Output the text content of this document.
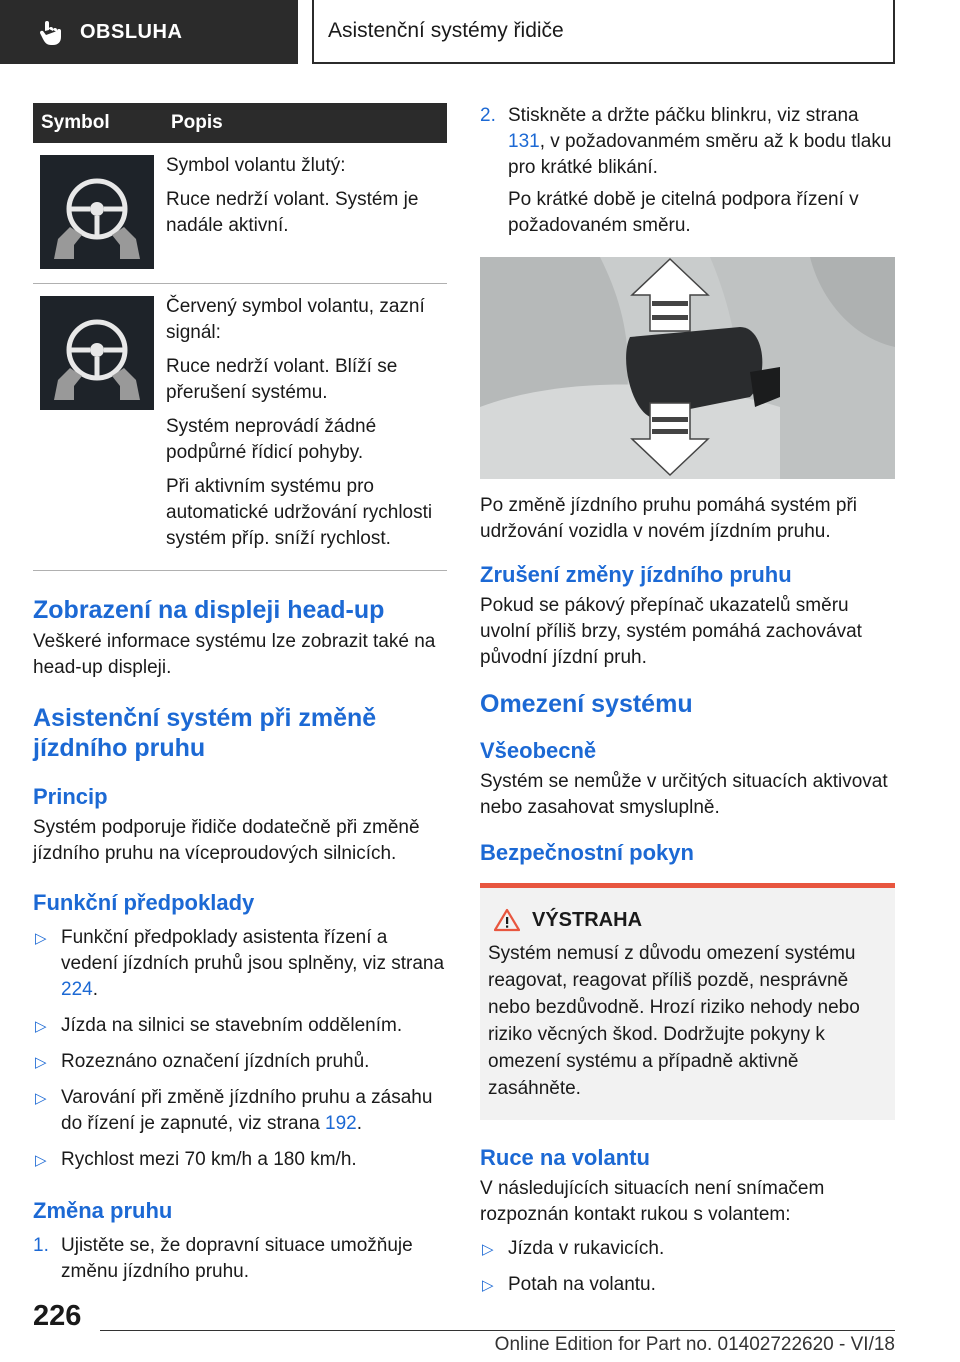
OBSLUHA	Asistenční systémy řidiče
Symbol	Popis

Symbol volantu žlutý:

Ruce nedrží volant. Systém je nadále aktivní.

Červený symbol volantu, zazní signál:

Ruce nedrží volant. Blíží se přerušení systému.

Systém neprovádí žádné podpůrné řídicí pohyby.

Při aktivním systému pro automatické udržování rychlosti systém příp. sníží rychlost.

Zobrazení na displeji head-up

Veškeré informace systému lze zobrazit také na head-up displeji.

Asistenční systém při změně jízdního pruhu
Princip

Systém podporuje řidiče dodatečně při změně jízdního pruhu na víceproudových silnicích.

Funkční předpoklady
▷ Funkční předpoklady asistenta řízení a vedení jízdních pruhů jsou splněny, viz strana 224.
▷ Jízda na silnici se stavebním oddělením.
▷ Rozeznáno označení jízdních pruhů.
▷ Varování při změně jízdního pruhu a zásahu do řízení je zapnuté, viz strana 192.
▷ Rychlost mezi 70 km/h a 180 km/h.
Změna pruhu
1. Ujistěte se, že dopravní situace umožňuje změnu jízdního pruhu.
2. Stiskněte a držte páčku blinkru, viz strana 131, v požadovanmém směru až k bodu tlaku pro krátké blikání.

Po krátké době je citelná podpora řízení v požadovaném směru.

Po změně jízdního pruhu pomáhá systém při udržování vozidla v novém jízdním pruhu.

Zrušení změny jízdního pruhu

Pokud se pákový přepínač ukazatelů směru uvolní příliš brzy, systém pomáhá zachovávat původní jízdní pruh.

Omezení systému
Všeobecně

Systém se nemůže v určitých situacích aktivovat nebo zasahovat smysluplně.

Bezpečnostní pokyn
VÝSTRAHA

Systém nemusí z důvodu omezení systému reagovat, reagovat příliš pozdě, nesprávně nebo bezdůvodně. Hrozí riziko nehody nebo riziko věcných škod. Dodržujte pokyny k omezení systému a případně aktivně zasáhněte.

Ruce na volantu

V následujících situacích není snímačem rozpoznán kontakt rukou s volantem:

▷ Jízda v rukavicích.
▷ Potah na volantu.
226
Online Edition for Part no. 01402722620 - VI/18
